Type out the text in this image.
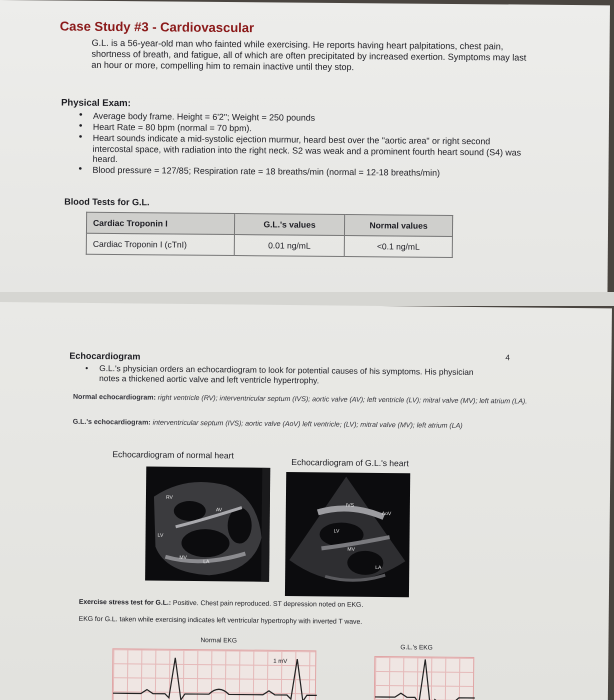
Case Study #3 - Cardiovascular
G.L. is a 56-year-old man who fainted while exercising. He reports having heart palpitations, chest pain, shortness of breath, and fatigue, all of which are often precipitated by increased exertion. Symptoms may last an hour or more, compelling him to remain inactive until they stop.
Physical Exam:
• Average body frame. Height = 6'2"; Weight = 250 pounds
• Heart Rate = 80 bpm (normal = 70 bpm).
• Heart sounds indicate a mid-systolic ejection murmur, heard best over the "aortic area" or right second intercostal space, with radiation into the right neck. S2 was weak and a prominent fourth heart sound (S4) was heard.
• Blood pressure = 127/85; Respiration rate = 18 breaths/min (normal = 12-18 breaths/min)
Blood Tests for G.L.
Cardiac Troponin I	G.L.'s values	Normal values
Cardiac Troponin I (cTnI)	0.01 ng/mL	<0.1 ng/mL
4
Echocardiogram
• G.L.'s physician orders an echocardiogram to look for potential causes of his symptoms. His physician notes a thickened aortic valve and left ventricle hypertrophy.
Normal echocardiogram: right ventricle (RV); interventricular septum (IVS); aortic valve (AV); left ventricle (LV); mitral valve (MV); left atrium (LA).
G.L.'s echocardiogram: interventricular septum (IVS); aortic valve (AoV) left ventricle; (LV); mitral valve (MV); left atrium (LA)
Echocardiogram of normal heart
Echocardiogram of G.L.'s heart
RV
AV
LV
MV
LA
IVS
AoV
LV
MV
LA
Exercise stress test for G.L.: Positive. Chest pain reproduced. ST depression noted on EKG.
EKG for G.L. taken while exercising indicates left ventricular hypertrophy with inverted T wave.
Normal EKG
G.L.'s EKG
1 mV
